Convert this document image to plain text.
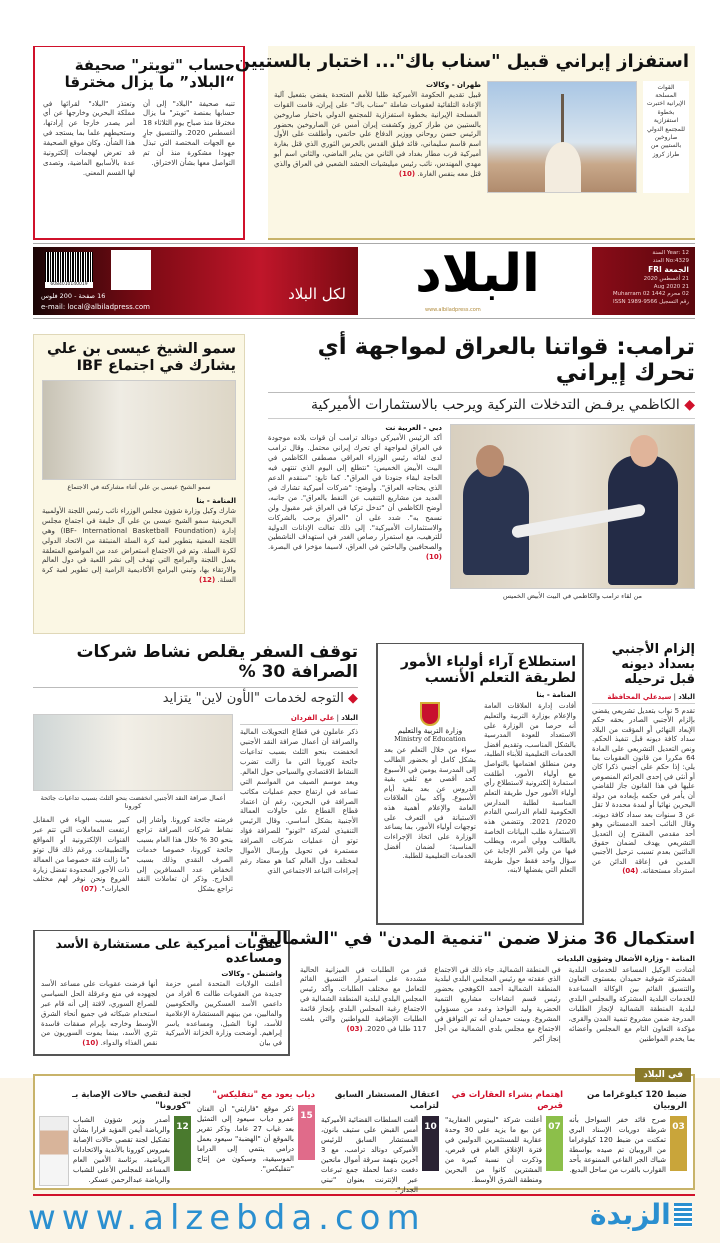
حساب "تويتر" صحيفة
“البلاد” ما يزال مخترقا

تنبه صحيفة "البلاد" إلى أن حسابها بمنصة "تويتر" ما يزال مخترقا منذ صباح يوم الثلاثاء 18 أغسطس 2020. والتنسيق جارٍ مع الجهات المختصة التي تبذل جهودا مشكورة منذ أن تم التواصل معها بشأن الاختراق.

وتعتذر "البلاد" لقرائها في مملكة البحرين وخارجها عن أي أمر يصدر خارجا عن إرادتها، وستحيطهم علما بما يستجد في هذا الشأن. وكان موقع الصحيفة قد تعرض لهجمات إلكترونية عدة بالأسابيع الماضية، وتصدى لها القسم المعني.

استفزاز إيراني قبيل "سناب باك"... اختبار بالستيين

القوات المسلحة الإيرانية اختبرت بخطوة استفزازية للمجتمع الدولي صاروخين بالستيين من طراز كروز

طهران - وكالات

قبيل تقديم الحكومة الأميركية طلبا للأمم المتحدة يقضي بتفعيل آلية الإعادة التلقائية لعقوبات شاملة "سناب باك" على إيران، قامت القوات المسلحة الإيرانية بخطوة استفزازية للمجتمع الدولي باختبار صاروخين بالستيين من طراز كروز وكشفت إيران أمس عن الصاروخين بحضور الرئيس حسن روحاني ووزير الدفاع علي حاتمي، وأطلقت على الأول اسم قاسم سليماني، قائد فيلق القدس بالحرس الثوري الذي قتل بغارة أميركية قرب مطار بغداد في الثاني من يناير الماضي، والثاني اسم أبو مهدي المهندس، نائب رئيس ميليشيات الحشد الشعبي في العراق والذي قتل معه بنفس الغارة. (10)

6084010140019
16 صفحة - 200 فلوس
e-mail: local@albiladpress.com
لكل البلاد	البلاد
www.albiladpress.com
Year: 12 السنة
No:4329 العدد
الجمعة FRI
21 أغسطس 2020
21 Aug 2020
02 محرم 1442 02 Muharram
رقم التسجيل ISSN 1989-9566
ترامب: قواتنا بالعراق لمواجهة أي تحرك إيراني
◆ الكاظمي يرفـض التدخلات التركية ويرحب بالاستثمارات الأميركية
من لقاء ترامب والكاظمي في البيت الأبيض الخميس
دبي - العربية نت

أكد الرئيس الأميركي دونالد ترامب أن قوات بلاده موجودة في العراق لمواجهة أي تحرك إيراني محتمل. وقال ترامب لدى لقائه رئيس الوزراء العراقي مصطفى الكاظمي في البيت الأبيض الخميس: "نتطلع إلى اليوم الذي تنتهي فيه الحاجة لبقاء جنودنا في العراق". كما تابع: "سنقدم الدعم الذي يحتاجه العراق". وأوضح: "شركات أميركية تشارك في العديد من مشاريع التنقيب عن النفط بالعراق". من جانبه، أوضح الكاظمي أن "تدخل تركيا في العراق غير مقبول ولن نسمح به". شدد على أن "العراق يرحب بالشركات والاستثمارات الأميركية". إلى ذلك تعالت الإدانات الدولية للترهيب، مع استمرار رصاص الغدر في استهداف الناشطين والصحافيين والباحثين في العراق، لاسيما مؤخرا في البصرة. (10)

سمو الشيخ عيسى بن علي يشارك في اجتماع IBF
سمو الشيخ عيسى بن علي أثناء مشاركته في الاجتماع
المنامة - بنا

شارك وكيل وزارة شؤون مجلس الوزراء نائب رئيس اللجنة الأولمبية البحرينية سمو الشيخ عيسى بن علي آل خليفة في اجتماع مجلس إدارة (IBF- International Basketball Foundation) وهي اللجنة المعنية بتطوير لعبة كرة السلة المنبثقة من الاتحاد الدولي لكرة السلة. وتم في الاجتماع استعراض عدد من المواضيع المتعلقة بعمل اللجنة والبرامج التي تهدف إلى نشر اللعبة في دول العالم والارتقاء بها، وتبني البرامج الأكاديمية الرامية إلى تطوير لعبة كرة السلة. (12)

إلزام الأجنبي بسداد ديونه قبل ترحيله
البلاد | سيدعلي المحافظة

تقدم 5 نواب بتعديل تشريعي يقضي بإلزام الأجنبي الصادر بحقه حكم الإبعاد النهائي أو المؤقت من البلاد سداد كافة ديونه قبل تنفيذ الحكم. ونص التعديل التشريعي على المادة 64 مكررا من قانون العقوبات بما يلي: إذا حكم على أجنبي ذكرا كان أو أنثى في إحدى الجرائم المنصوص عليها في هذا القانون جاز للقاضي أن يأمر في حكمه بإبعاده من دولة البحرين نهائيا أو لمدة محددة لا تقل عن 3 سنوات بعد سداد كافة ديونه. وقال النائب أحمد الدمستاني وهو أحد مقدمي المقترح إن التعديل التشريعي يهدف لضمان حقوق الدائنين بعدم تسبب ترحيل الأجنبي المدين في إعاقة الدائن عن استرداد مستحقاته. (04)

استطلاع آراء أولياء الأمور لطريقة التعلم الأنسب
المنامة - بنا

أفادت إدارة العلاقات العامة والإعلام بوزارة التربية والتعليم أنه حرصا من الوزارة على الاستعداد للعودة المدرسية بالشكل المناسب، وتقديم أفضل الخدمات التعليمية للأبناء الطلبة، ومن منطلق اهتمامها بالتواصل مع أولياء الأمور، أطلقت استمارة إلكترونية لاستطلاع رأي أولياء الأمور حول طريقة التعلم المناسبة لطلبة المدارس الحكومية للعام الدراسي القادم 2020/ 2021. وتتضمن هذه الاستمارة طلب البيانات الخاصة بالطالب وولي أمره، ويطلب فيها من ولي الأمر الإجابة عن سؤال واحد فقط حول طريقة التعلم التي يفضلها لابنه،

وزارة التربية والتعليم
Ministry of Education

سواء من خلال التعلم عن بعد بشكل كامل أو بحضور الطالب إلى المدرسة يومين في الأسبوع كحد أقصى مع تلقي بقية الدروس عن بعد بقية أيام الأسبوع. وأكد بيان العلاقات العامة والإعلام أهمية هذه الاستبانة في التعرف على توجهات أولياء الأمور، بما يساعد الوزارة على اتخاذ الإجراءات المناسبة؛ لضمان أفضل الخدمات التعليمية للطلبة.

توقف السفر يقلص نشاط شركات الصرافة 30 %
◆ التوجه لخدمات "الأون لاين" يتزايد
البلاد | علي الفردان

ذكر عاملون في قطاع التحويلات المالية والصرافة أن أعمال صرافة النقد الأجنبي انخفضت بنحو الثلث بسبب تداعيات جائحة كورونا التي ما زالت تضرب النشاط الاقتصادي والسياحي حول العالم. ويعد موسم الصيف من المواسم التي تساعد في ارتفاع حجم عمليات مكاتب الصرافة في البحرين، رغم أن اعتماد قطاع القطاع على حاولات العمالة الأجنبية بشكل أساسي. وقال الرئيس التنفيذي لشركة "اتونو" للصرافة فؤاد توتو أن عمليات شركات الصرافة مستمرة في تحويل وإرسال الأموال لمختلف دول العالم كما هو معتاد رغم إجراءات التباعد الاجتماعي الذي

أعمال صرافة النقد الأجنبي انخفضت بنحو الثلث بسبب تداعيات جائحة كورونا

فرضته جائحة كورونا. وأشار إلى نشاط شركات الصرافة تراجع بنحو 30 % خلال هذا العام بسبب جائحة كورونا، خصوصا خدمات الصرف النقدي وذلك بسبب انخفاض عدد المسافرين إلى الخارج. وذكر أن تعاملات النقد تراجع بشكل

كبير بسبب الوباء في المقابل ارتفعت المعاملات التي تتم عبر القنوات الإلكترونية أو المواقع والتطبيقات. ورغم ذلك قال توتو "ما زالت فئة خصوصا من العمالة ذات الأجور المحدودة تفضل زيارة الفروع ونحن نوفر لهم مختلف الخيارات". (07)

عقوبات أميركية على مستشارة الأسد ومساعده
واشنطن - وكالات

أعلنت الولايات المتحدة أمس حزمة جديدة من العقوبات طالت 6 أفراد من داعمي الأسد العسكريين والحكوميين والماليين، من بينهم المستشارة الإعلامية للأسد، لونا الشبل، ومساعده ياسر إبراهيم. أوضحت وزارة الخزانة الأميركية في بيان

أنها فرضت عقوبات على مساعد الأسد لجهوده في منع وعرقلة الحل السياسي للصراع السوري، لافتة إلى أنه قام عبر استخدام شبكاته في جميع أنحاء الشرق الأوسط وخارجه بإبرام صفقات فاسدة تثري الأسد، بينما يموت السوريون من نقص الغذاء والدواء. (10)

استكمال 36 منزلا ضمن "تنمية المدن" في "الشمالية"
المنامة - وزارة الأشغال وشؤون البلديات

أشادت الوكيل المساعد للخدمات البلدية المشتركة شوقية حميدان بمستوى التعاون والتنسيق القائم بين الوكالة المساعدة للخدمات البلدية المشتركة والمجلس البلدي لبلدية المنطقة الشمالية لإنجاز الطلبات المدرجة ضمن مشروع تنمية المدن والقرى، مؤكدة التعاون التام مع المجلس وأعضائه بما يخدم المواطنين

في المنطقة الشمالية. جاء ذلك في الاجتماع الذي عقدته مع رئيس المجلس البلدي لبلدية المنطقة الشمالية أحمد الكوهجي بحضور رئيس قسم انشاءات مشاريع التنمية الحضرية وليد النواخذ وعدد من مسؤولي المشروع. وبينت حميدان أنه تم التوافق في الاجتماع مع مجلس بلدي الشمالية من أجل إنجاز أكبر

قدر من الطلبات في الميزانية الحالية مشددة على استمرار التنسيق القائم للتعامل مع مختلف الطلبات. وأكد رئيس المجلس البلدي لبلدية المنطقة الشمالية في الاجتماع رغبة المجلس البلدي بإنجاز قائمة الطلبات الإضافية للمواطنين والتي بلغت 117 طلبا في 2020. (03)

في البلاد
ضبط 120 كيلوغراما من الروبيان
03

صرح قائد خفر السواحل بأنه شرطة دوريات الإسناد البري تمكنت من ضبط 120 كيلوغراما من الروبيان تم صيده بواسطة شباك الجر القاعي الممنوعة بأحد القوارب بالقرب من ساحل البديع.

اهتمام بشراء العقارات في قبرص
07

أعلنت شركة "ليبتوس العقارية" عن بيع ما يزيد على 30 وحدة عقارية للمستثمرين الدوليين في فترة الإغلاق العام في قبرص، وذكرت أن نسبة كبيرة من المشترين كانوا من البحرين ومنطقة الشرق الأوسط.

اعتقال المستشار السابق لترامب
10

ألقت السلطات القضائية الأميركية أمس القبض على ستيف بانون، المستشار السابق للرئيس الأميركي دونالد ترامب، مع 3 آخرين بتهمة سرقة أموال مانحين دفعت دعما لحملة جمع تبرعات عبر الإنترنت بعنوان "نبني الجدار".

دياب يعود مع "نتفليكس"
15

ذكر موقع "فارايتي" أن الفنان عمرو دياب سيعود إلى التمثيل بعد غياب 27 عاما. وذكر تقرير بالموقع أن "الهضبة" سيعود بعمل درامي ينتمي إلى الدراما الموسيقية، وسيكون من إنتاج "نتفليكس".

لجنة لتقصي حالات الإصابة بـ "كورونا"
12

أصدر وزير شؤون الشباب والرياضة أيمن المؤيد قرارا بشأن تشكيل لجنة تقصي حالات الإصابة بفيروس كورونا بالأندية والاتحادات الرياضية، برئاسة الأمين العام المساعد للمجلس الأعلى للشباب والرياضة عبدالرحمن عسكر.

www.alzebda.com	الزبدة
